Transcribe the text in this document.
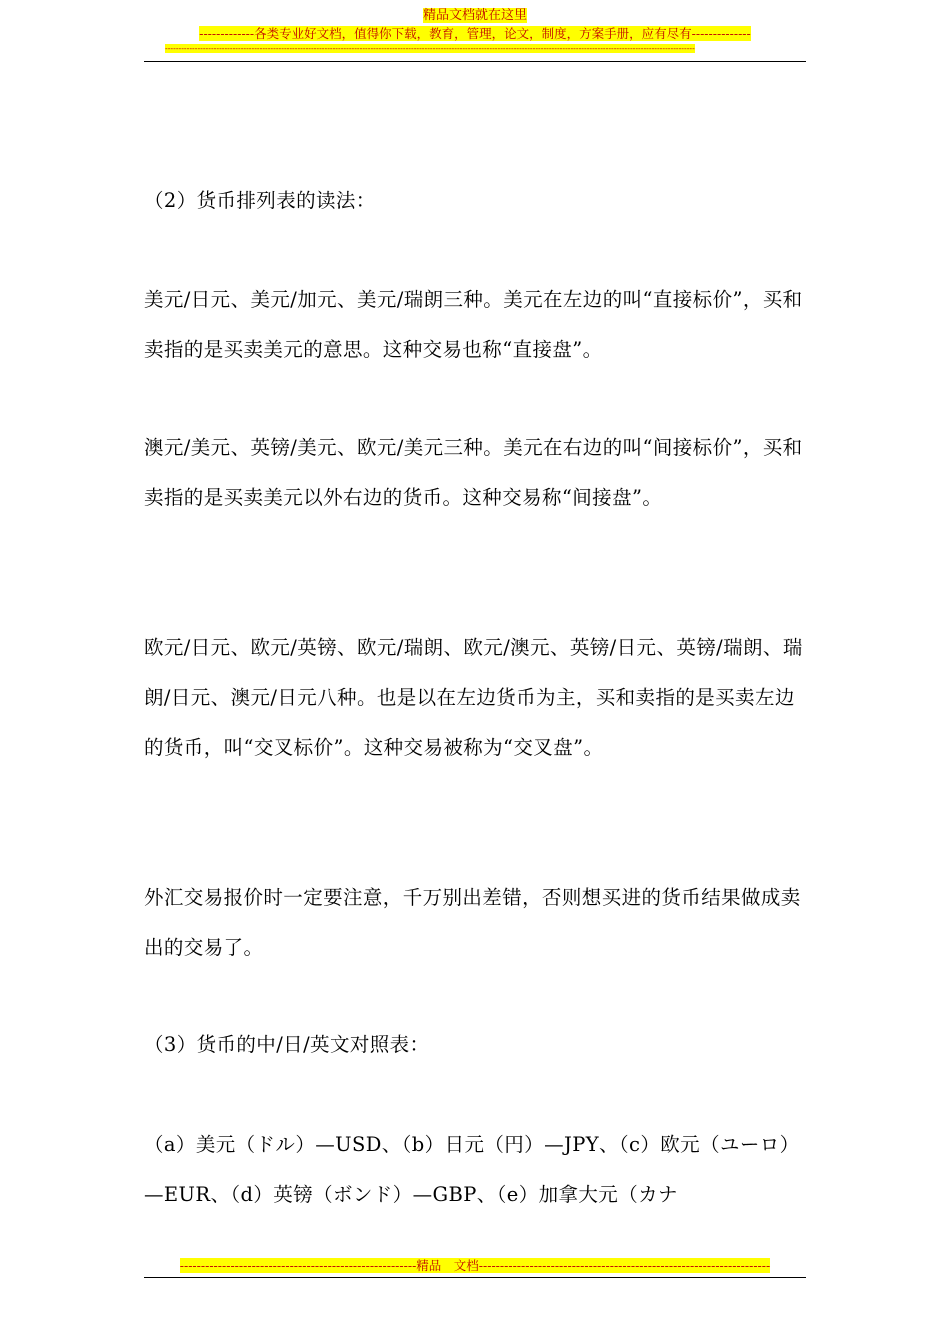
精品文档就在这里
-------------各类专业好文档，值得你下载，教育，管理，论文，制度，方案手册，应有尽有--------------
----------------------------------------------------------------------------------------------------------------------------------------------------------------------------------------------------
（2）货币排列表的读法：
美元/日元、美元/加元、美元/瑞朗三种。美元在左边的叫“直接标价”，买和卖指的是买卖美元的意思。这种交易也称“直接盘”。
澳元/美元、英镑/美元、欧元/美元三种。美元在右边的叫“间接标价”，买和卖指的是买卖美元以外右边的货币。这种交易称“间接盘”。
欧元/日元、欧元/英镑、欧元/瑞朗、欧元/澳元、英镑/日元、英镑/瑞朗、瑞朗/日元、澳元/日元八种。也是以在左边货币为主，买和卖指的是买卖左边的货币，叫“交叉标价”。这种交易被称为“交叉盘”。
外汇交易报价时一定要注意，千万别出差错，否则想买进的货币结果做成卖出的交易了。
（3）货币的中/日/英文对照表：
（a）美元（ドル）—USD、（b）日元（円）—JPY、（c）欧元（ユーロ）—EUR、（d）英镑（ボンド）—GBP、（e）加拿大元（カナ
--------------------------------------------------------精品　文档---------------------------------------------------------------------
